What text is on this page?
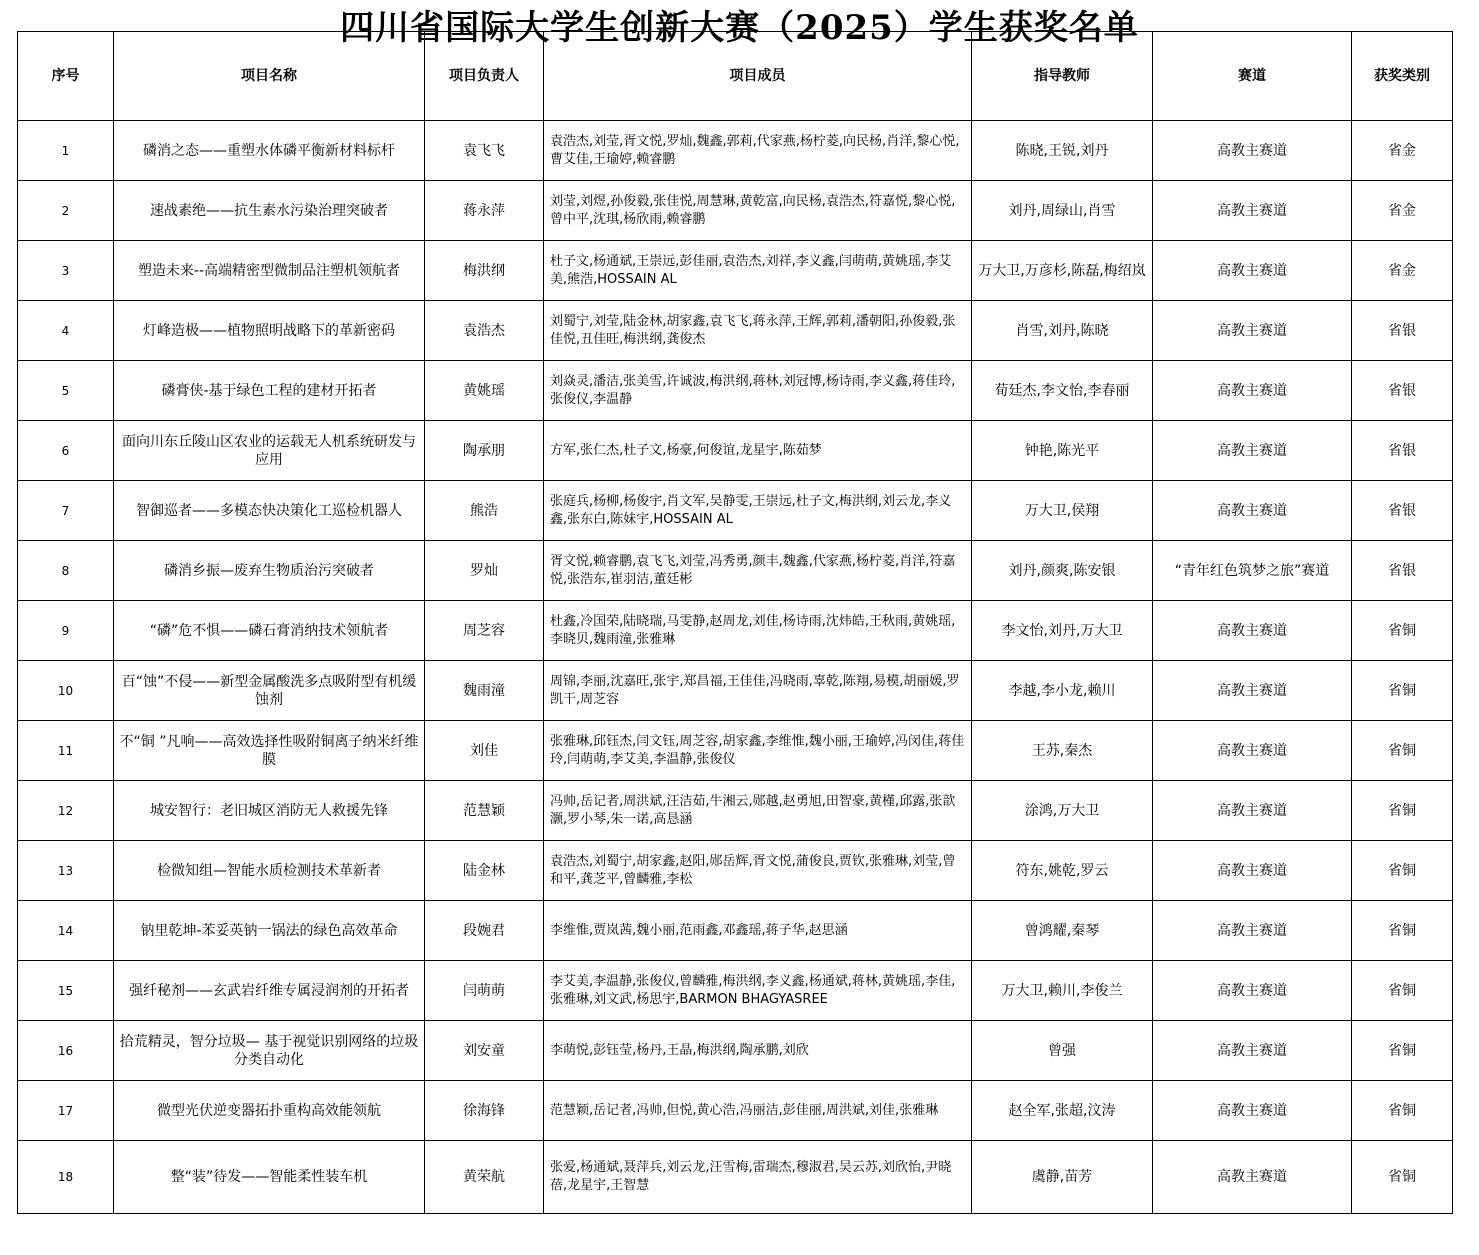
四川省国际大学生创新大赛（2025）学生获奖名单
序号	项目名称	项目负责人	项目成员	指导教师	赛道	获奖类别
1	磷消之态——重塑水体磷平衡新材料标杆	袁飞飞	袁浩杰,刘莹,胥文悦,罗灿,魏鑫,郭莉,代家燕,杨柠菱,向民杨,肖洋,黎心悦,曹艾佳,王瑜婷,赖睿鹏	陈晓,王锐,刘丹	高教主赛道	省金
2	速战素绝——抗生素水污染治理突破者	蒋永萍	刘莹,刘煜,孙俊毅,张佳悦,周慧琳,黄乾富,向民杨,袁浩杰,符嘉悦,黎心悦,曾中平,沈琪,杨欣雨,赖睿鹏	刘丹,周绿山,肖雪	高教主赛道	省金
3	塑造未来--高端精密型微制品注塑机领航者	梅洪纲	杜子文,杨通斌,王崇远,彭佳丽,袁浩杰,刘祥,李义鑫,闫萌萌,黄姚瑶,李艾美,熊浩,HOSSAIN AL	万大卫,万彦杉,陈磊,梅绍岚	高教主赛道	省金
4	灯峰造极——植物照明战略下的革新密码	袁浩杰	刘蜀宁,刘莹,陆金林,胡家鑫,袁飞飞,蒋永萍,王辉,郭莉,潘朝阳,孙俊毅,张佳悦,丑佳旺,梅洪纲,龚俊杰	肖雪,刘丹,陈晓	高教主赛道	省银
5	磷膏侠-基于绿色工程的建材开拓者	黄姚瑶	刘焱灵,潘洁,张美雪,许诚波,梅洪纲,蒋林,刘冠博,杨诗雨,李义鑫,蒋佳玲,张俊仪,李温静	荀廷杰,李文怡,李春丽	高教主赛道	省银
6	面向川东丘陵山区农业的运载无人机系统研发与应用	陶承朋	方军,张仁杰,杜子文,杨豪,何俊谊,龙星宇,陈茹梦	钟艳,陈光平	高教主赛道	省银
7	智御巡者——多模态快决策化工巡检机器人	熊浩	张庭兵,杨柳,杨俊宇,肖文军,吴静雯,王崇远,杜子文,梅洪纲,刘云龙,李义鑫,张东白,陈妹宇,HOSSAIN AL	万大卫,侯翔	高教主赛道	省银
8	磷消乡振—废弃生物质治污突破者	罗灿	胥文悦,赖睿鹏,袁飞飞,刘莹,冯秀勇,颜丰,魏鑫,代家燕,杨柠菱,肖洋,符嘉悦,张浩东,崔羽洁,董廷彬	刘丹,颜爽,陈安银	“青年红色筑梦之旅”赛道	省银
9	“磷”危不惧——磷石膏消纳技术领航者	周芝容	杜鑫,冷国荣,陆晓瑞,马雯静,赵周龙,刘佳,杨诗雨,沈炜皓,王秋雨,黄姚瑶,李晓贝,魏雨潼,张雅琳	李文怡,刘丹,万大卫	高教主赛道	省铜
10	百“蚀”不侵——新型金属酸洗多点吸附型有机缓蚀剂	魏雨潼	周锦,李丽,沈嘉旺,张宇,郑昌福,王佳佳,冯晓雨,辜乾,陈翔,易模,胡丽媛,罗凯干,周芝容	李越,李小龙,赖川	高教主赛道	省铜
11	不“铜 ”凡响——高效选择性吸附铜离子纳米纤维膜	刘佳	张雅琳,邱钰杰,闫文钰,周芝容,胡家鑫,李维惟,魏小丽,王瑜婷,冯闵佳,蒋佳玲,闫萌萌,李艾美,李温静,张俊仪	王苏,秦杰	高教主赛道	省铜
12	城安智行：老旧城区消防无人救援先锋	范慧颖	冯帅,岳记者,周洪斌,汪洁茹,牛湘云,郧越,赵勇旭,田智豪,黄槿,邱露,张歆灏,罗小琴,朱一诺,高恳涵	涂鸿,万大卫	高教主赛道	省铜
13	检微知组—智能水质检测技术革新者	陆金林	袁浩杰,刘蜀宁,胡家鑫,赵阳,郧岳辉,胥文悦,蒲俊良,贾钦,张雅琳,刘莹,曾和平,龚芝平,曾麟雅,李松	符东,姚乾,罗云	高教主赛道	省铜
14	钠里乾坤-苯妥英钠一锅法的绿色高效革命	段婉君	李维惟,贾岚茜,魏小丽,范雨鑫,邓鑫瑶,蒋子华,赵思涵	曾鸿耀,秦琴	高教主赛道	省铜
15	强纤秘剂——玄武岩纤维专属浸润剂的开拓者	闫萌萌	李艾美,李温静,张俊仪,曾麟雅,梅洪纲,李义鑫,杨通斌,蒋林,黄姚瑶,李佳,张雅琳,刘文武,杨思宇,BARMON BHAGYASREE	万大卫,赖川,李俊兰	高教主赛道	省铜
16	拾荒精灵，智分垃圾— 基于视觉识别网络的垃圾分类自动化	刘安童	李萌悦,彭钰莹,杨丹,王晶,梅洪纲,陶承鹏,刘欣	曾强	高教主赛道	省铜
17	微型光伏逆变器拓扑重构高效能领航	徐海锋	范慧颖,岳记者,冯帅,但悦,黄心浩,冯丽洁,彭佳丽,周洪斌,刘佳,张雅琳	赵全军,张超,汶涛	高教主赛道	省铜
18	整“装”待发——智能柔性装车机	黄荣航	张爱,杨通斌,聂萍兵,刘云龙,汪雪梅,雷瑞杰,穆淑君,吴云苏,刘欣怡,尹晓蓓,龙星宇,王智慧	虞静,苗芳	高教主赛道	省铜
